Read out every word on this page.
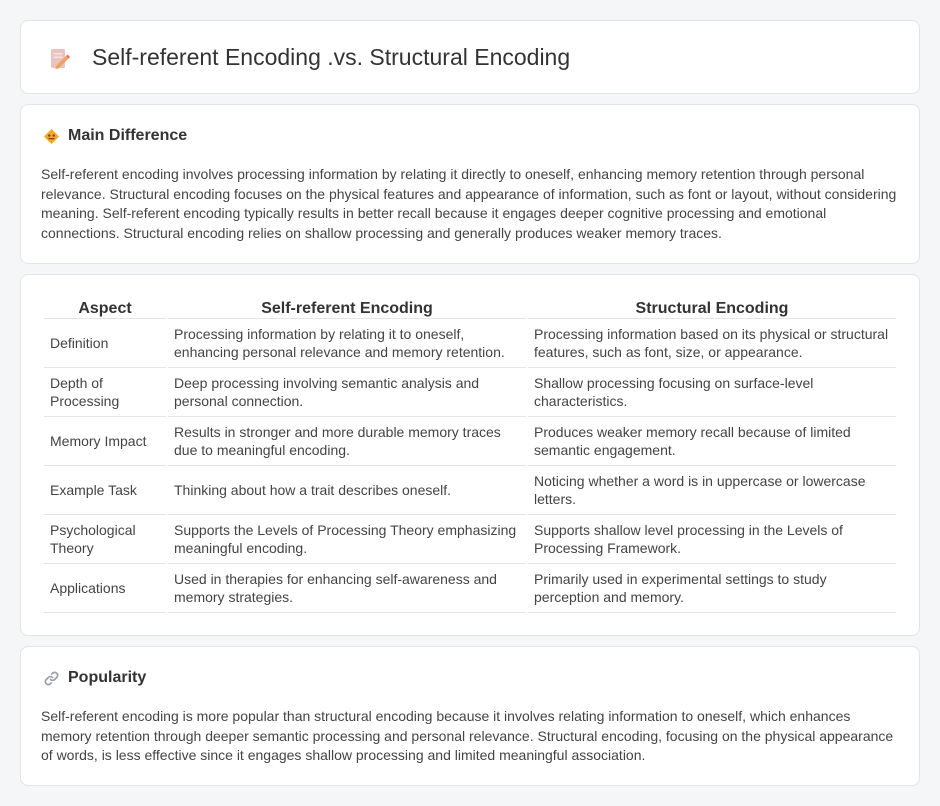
Self-referent Encoding .vs. Structural Encoding
Main Difference

Self-referent encoding involves processing information by relating it directly to oneself, enhancing memory retention through personal relevance. Structural encoding focuses on the physical features and appearance of information, such as font or layout, without considering meaning. Self-referent encoding typically results in better recall because it engages deeper cognitive processing and emotional connections. Structural encoding relies on shallow processing and generally produces weaker memory traces.

Aspect	Self-referent Encoding	Structural Encoding
Definition	Processing information by relating it to oneself, enhancing personal relevance and memory retention.	Processing information based on its physical or structural features, such as font, size, or appearance.
Depth of Processing	Deep processing involving semantic analysis and personal connection.	Shallow processing focusing on surface-level characteristics.
Memory Impact	Results in stronger and more durable memory traces due to meaningful encoding.	Produces weaker memory recall because of limited semantic engagement.
Example Task	Thinking about how a trait describes oneself.	Noticing whether a word is in uppercase or lowercase letters.
Psychological Theory	Supports the Levels of Processing Theory emphasizing meaningful encoding.	Supports shallow level processing in the Levels of Processing Framework.
Applications	Used in therapies for enhancing self-awareness and memory strategies.	Primarily used in experimental settings to study perception and memory.
Popularity

Self-referent encoding is more popular than structural encoding because it involves relating information to oneself, which enhances memory retention through deeper semantic processing and personal relevance. Structural encoding, focusing on the physical appearance of words, is less effective since it engages shallow processing and limited meaningful association.
